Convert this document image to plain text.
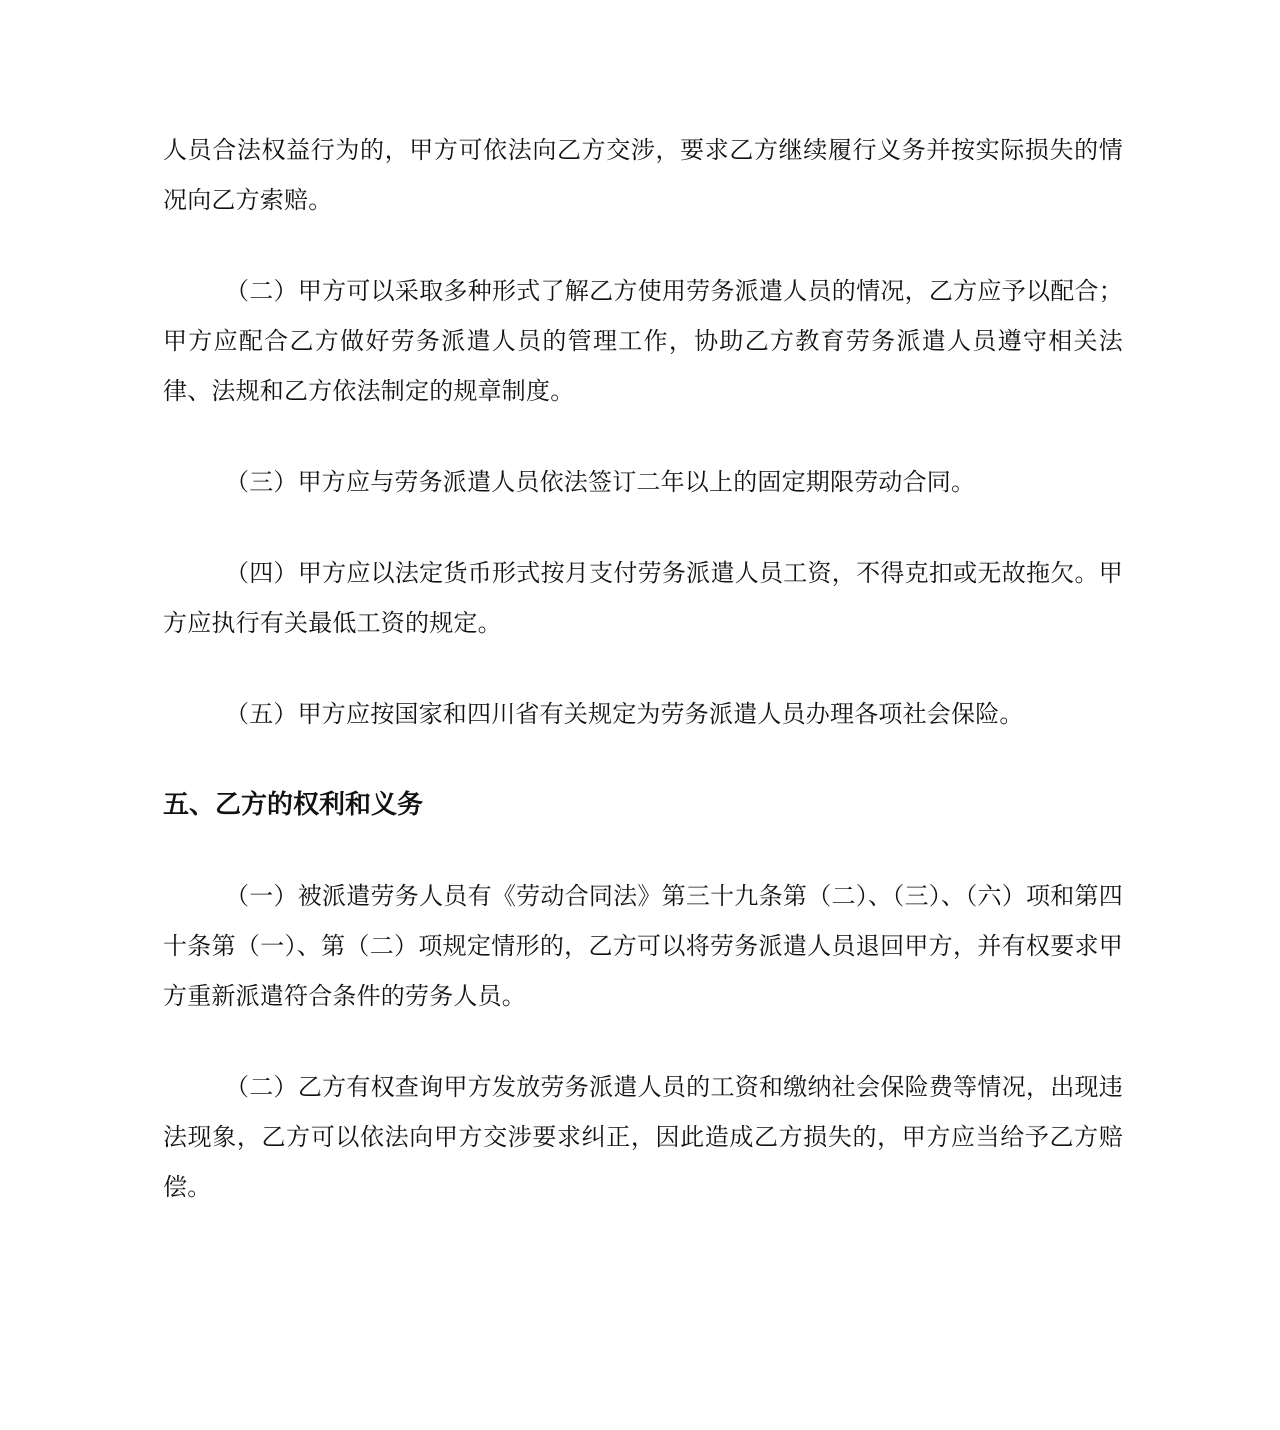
人员合法权益行为的，甲方可依法向乙方交涉，要求乙方继续履行义务并按实际损失的情况向乙方索赔。

（二）甲方可以采取多种形式了解乙方使用劳务派遣人员的情况，乙方应予以配合；甲方应配合乙方做好劳务派遣人员的管理工作，协助乙方教育劳务派遣人员遵守相关法律、法规和乙方依法制定的规章制度。

（三）甲方应与劳务派遣人员依法签订二年以上的固定期限劳动合同。

（四）甲方应以法定货币形式按月支付劳务派遣人员工资，不得克扣或无故拖欠。甲方应执行有关最低工资的规定。

（五）甲方应按国家和四川省有关规定为劳务派遣人员办理各项社会保险。

五、乙方的权利和义务

（一）被派遣劳务人员有《劳动合同法》第三十九条第（二）、（三）、（六）项和第四十条第（一）、第（二）项规定情形的，乙方可以将劳务派遣人员退回甲方，并有权要求甲方重新派遣符合条件的劳务人员。

（二）乙方有权查询甲方发放劳务派遣人员的工资和缴纳社会保险费等情况，出现违法现象，乙方可以依法向甲方交涉要求纠正，因此造成乙方损失的，甲方应当给予乙方赔偿。
